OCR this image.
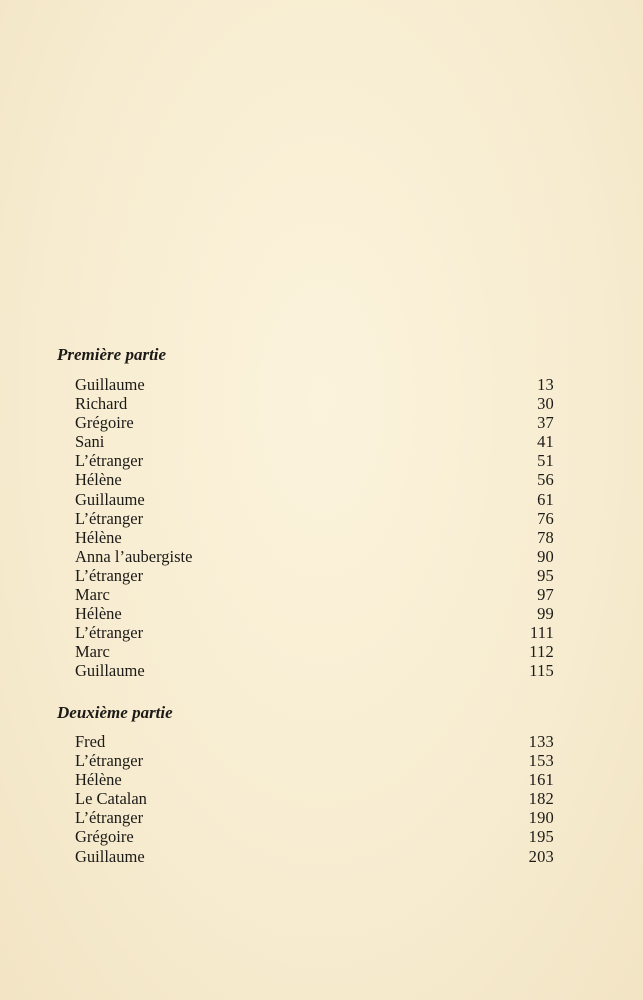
Première partie
Guillaume	13
Richard	30
Grégoire	37
Sani	41
L’étranger	51
Hélène	56
Guillaume	61
L’étranger	76
Hélène	78
Anna l’aubergiste	90
L’étranger	95
Marc	97
Hélène	99
L’étranger	111
Marc	112
Guillaume	115
Deuxième partie
Fred	133
L’étranger	153
Hélène	161
Le Catalan	182
L’étranger	190
Grégoire	195
Guillaume	203
